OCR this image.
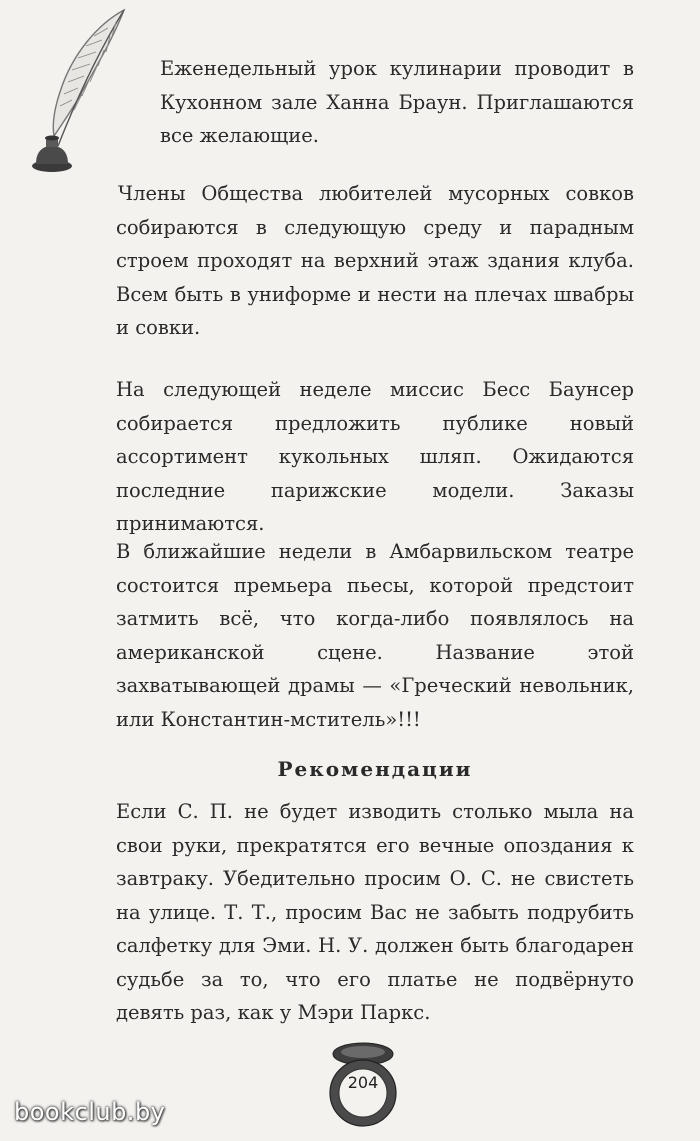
Еженедельный урок кулинарии проводит в Кухонном зале Ханна Браун. Приглашаются все желающие.

Члены Общества любителей мусорных совков собираются в следующую среду и парадным строем проходят на верхний этаж здания клуба. Всем быть в униформе и нести на плечах швабры и совки.

На следующей неделе миссис Бесс Баунсер собирается предложить публике новый ассортимент кукольных шляп. Ожидаются последние парижские модели. Заказы принимаются.

В ближайшие недели в Амбарвильском театре состоится премьера пьесы, которой предстоит затмить всё, что когда-либо появлялось на американской сцене. Название этой захватывающей драмы — «Греческий невольник, или Константин-мститель»!!!

Рекомендации

Если С. П. не будет изводить столько мыла на свои руки, прекратятся его вечные опоздания к завтраку. Убедительно просим О. С. не свистеть на улице. Т. Т., просим Вас не забыть подрубить салфетку для Эми. Н. У. должен быть благодарен судьбе за то, что его платье не подвёрнуто девять раз, как у Мэри Паркс.

204
bookclub.by
